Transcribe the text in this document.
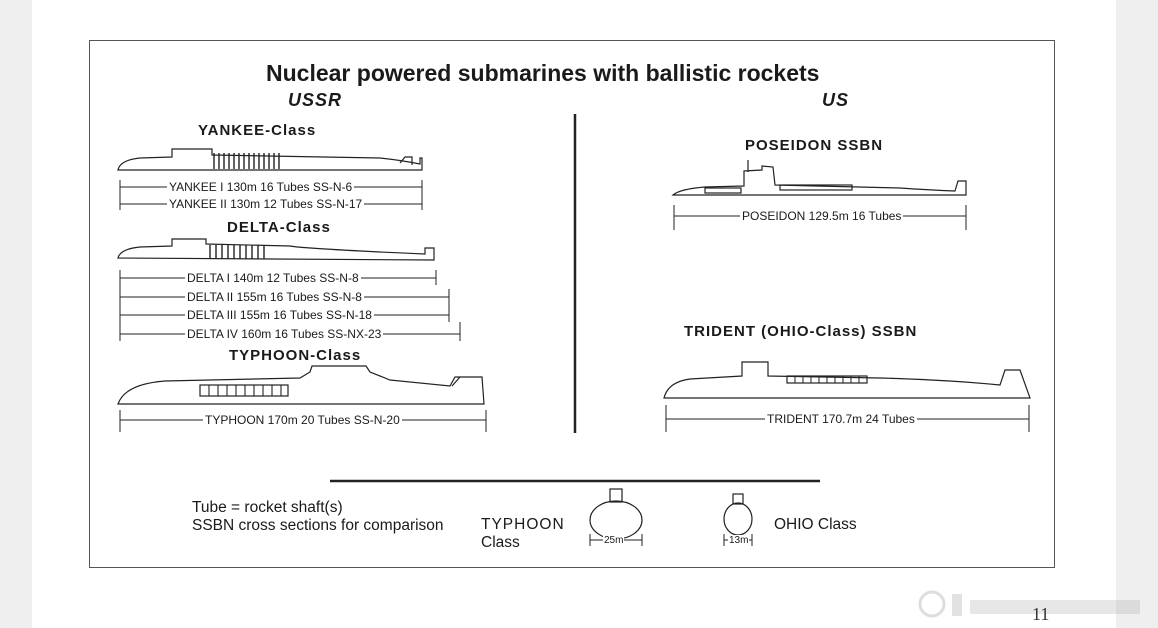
Nuclear powered submarines with ballistic rockets
USSR	US
YANKEE-Class
DELTA-Class
TYPHOON-Class
POSEIDON SSBN
TRIDENT (OHIO-Class) SSBN
YANKEE I 130m 16 Tubes SS-N-6
YANKEE II 130m 12 Tubes SS-N-17
DELTA I 140m 12 Tubes SS-N-8
DELTA II 155m 16 Tubes SS-N-8
DELTA III 155m 16 Tubes SS-N-18
DELTA IV 160m 16 Tubes SS-NX-23
TYPHOON 170m 20 Tubes SS-N-20
POSEIDON 129.5m 16 Tubes
TRIDENT 170.7m 24 Tubes
Tube = rocket shaft(s)
SSBN cross sections for comparison TYPHOON
Class	25m	13m
OHIO Class
11
